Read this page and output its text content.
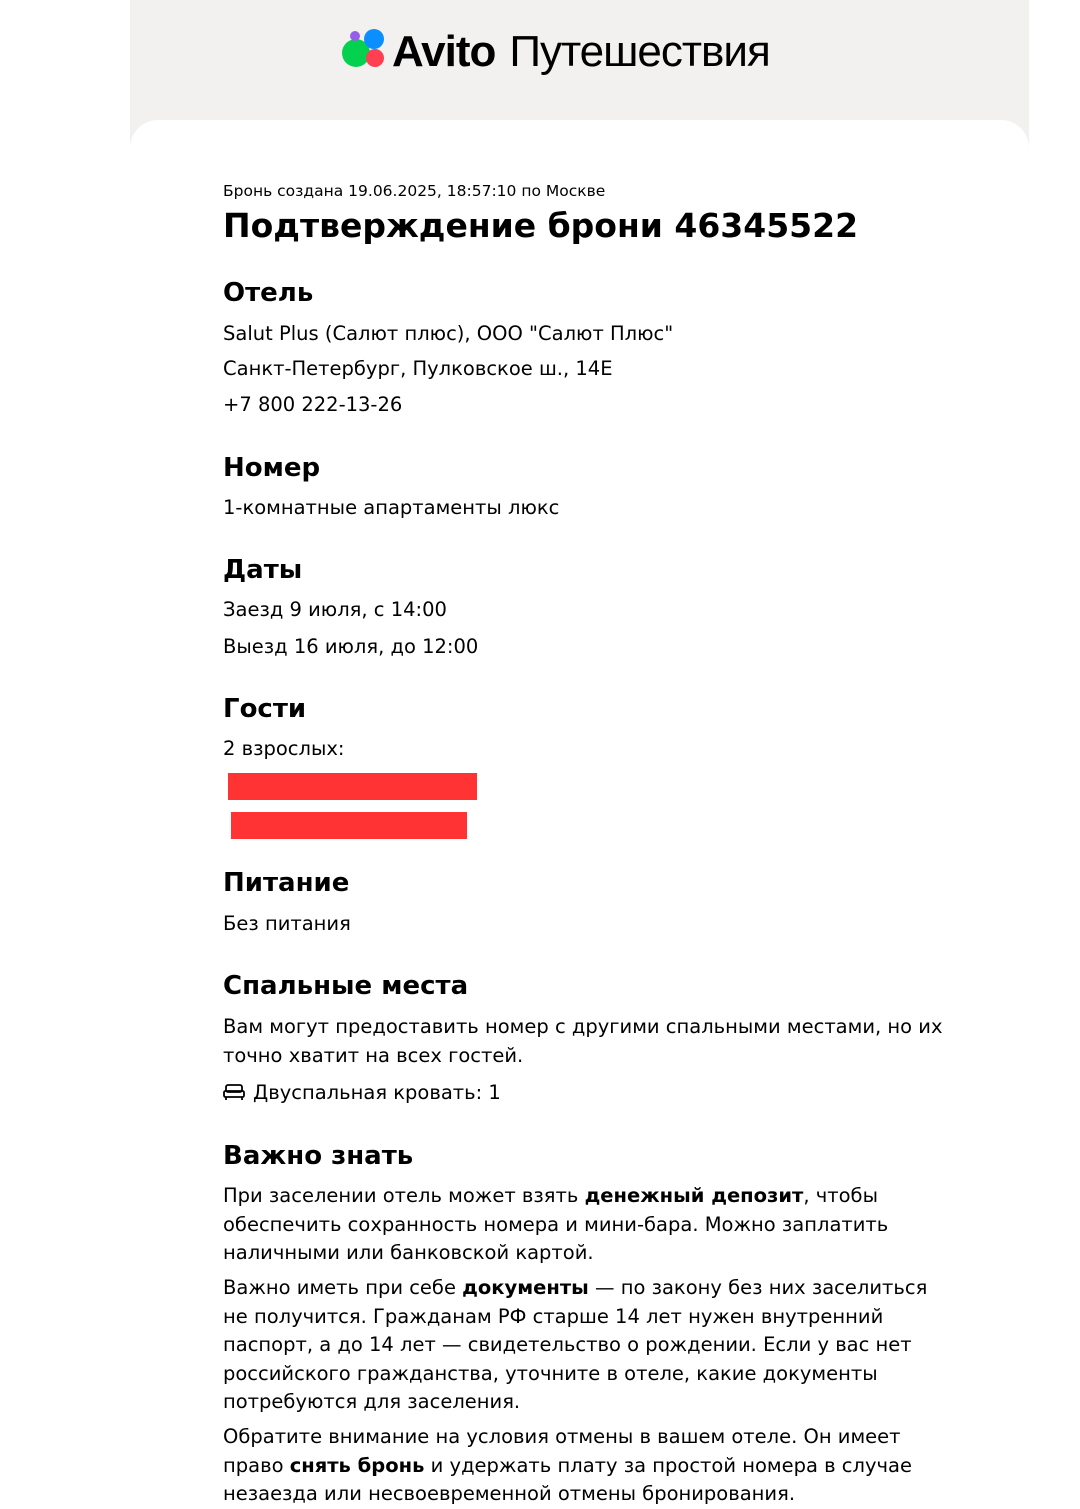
Avito Путешествия

Бронь создана 19.06.2025, 18:57:10 по Москве

Подтверждение брони 46345522
Отель

Salut Plus (Салют плюс), ООО "Салют Плюс"

Санкт-Петербург, Пулковское ш., 14Е

+7 800 222-13-26

Номер

1-комнатные апартаменты люкс

Даты

Заезд 9 июля, с 14:00

Выезд 16 июля, до 12:00

Гости

2 взрослых:

Питание

Без питания

Спальные места

Вам могут предоставить номер с другими спальными местами, но их точно хватит на всех гостей.

Двуспальная кровать: 1

Важно знать

При заселении отель может взять денежный депозит, чтобы обеспечить сохранность номера и мини-бара. Можно заплатить наличными или банковской картой.

Важно иметь при себе документы — по закону без них заселиться не получится. Гражданам РФ старше 14 лет нужен внутренний паспорт, а до 14 лет — свидетельство о рождении. Если у вас нет российского гражданства, уточните в отеле, какие документы потребуются для заселения.

Обратите внимание на условия отмены в вашем отеле. Он имеет право снять бронь и удержать плату за простой номера в случае незаезда или несвоевременной отмены бронирования.
